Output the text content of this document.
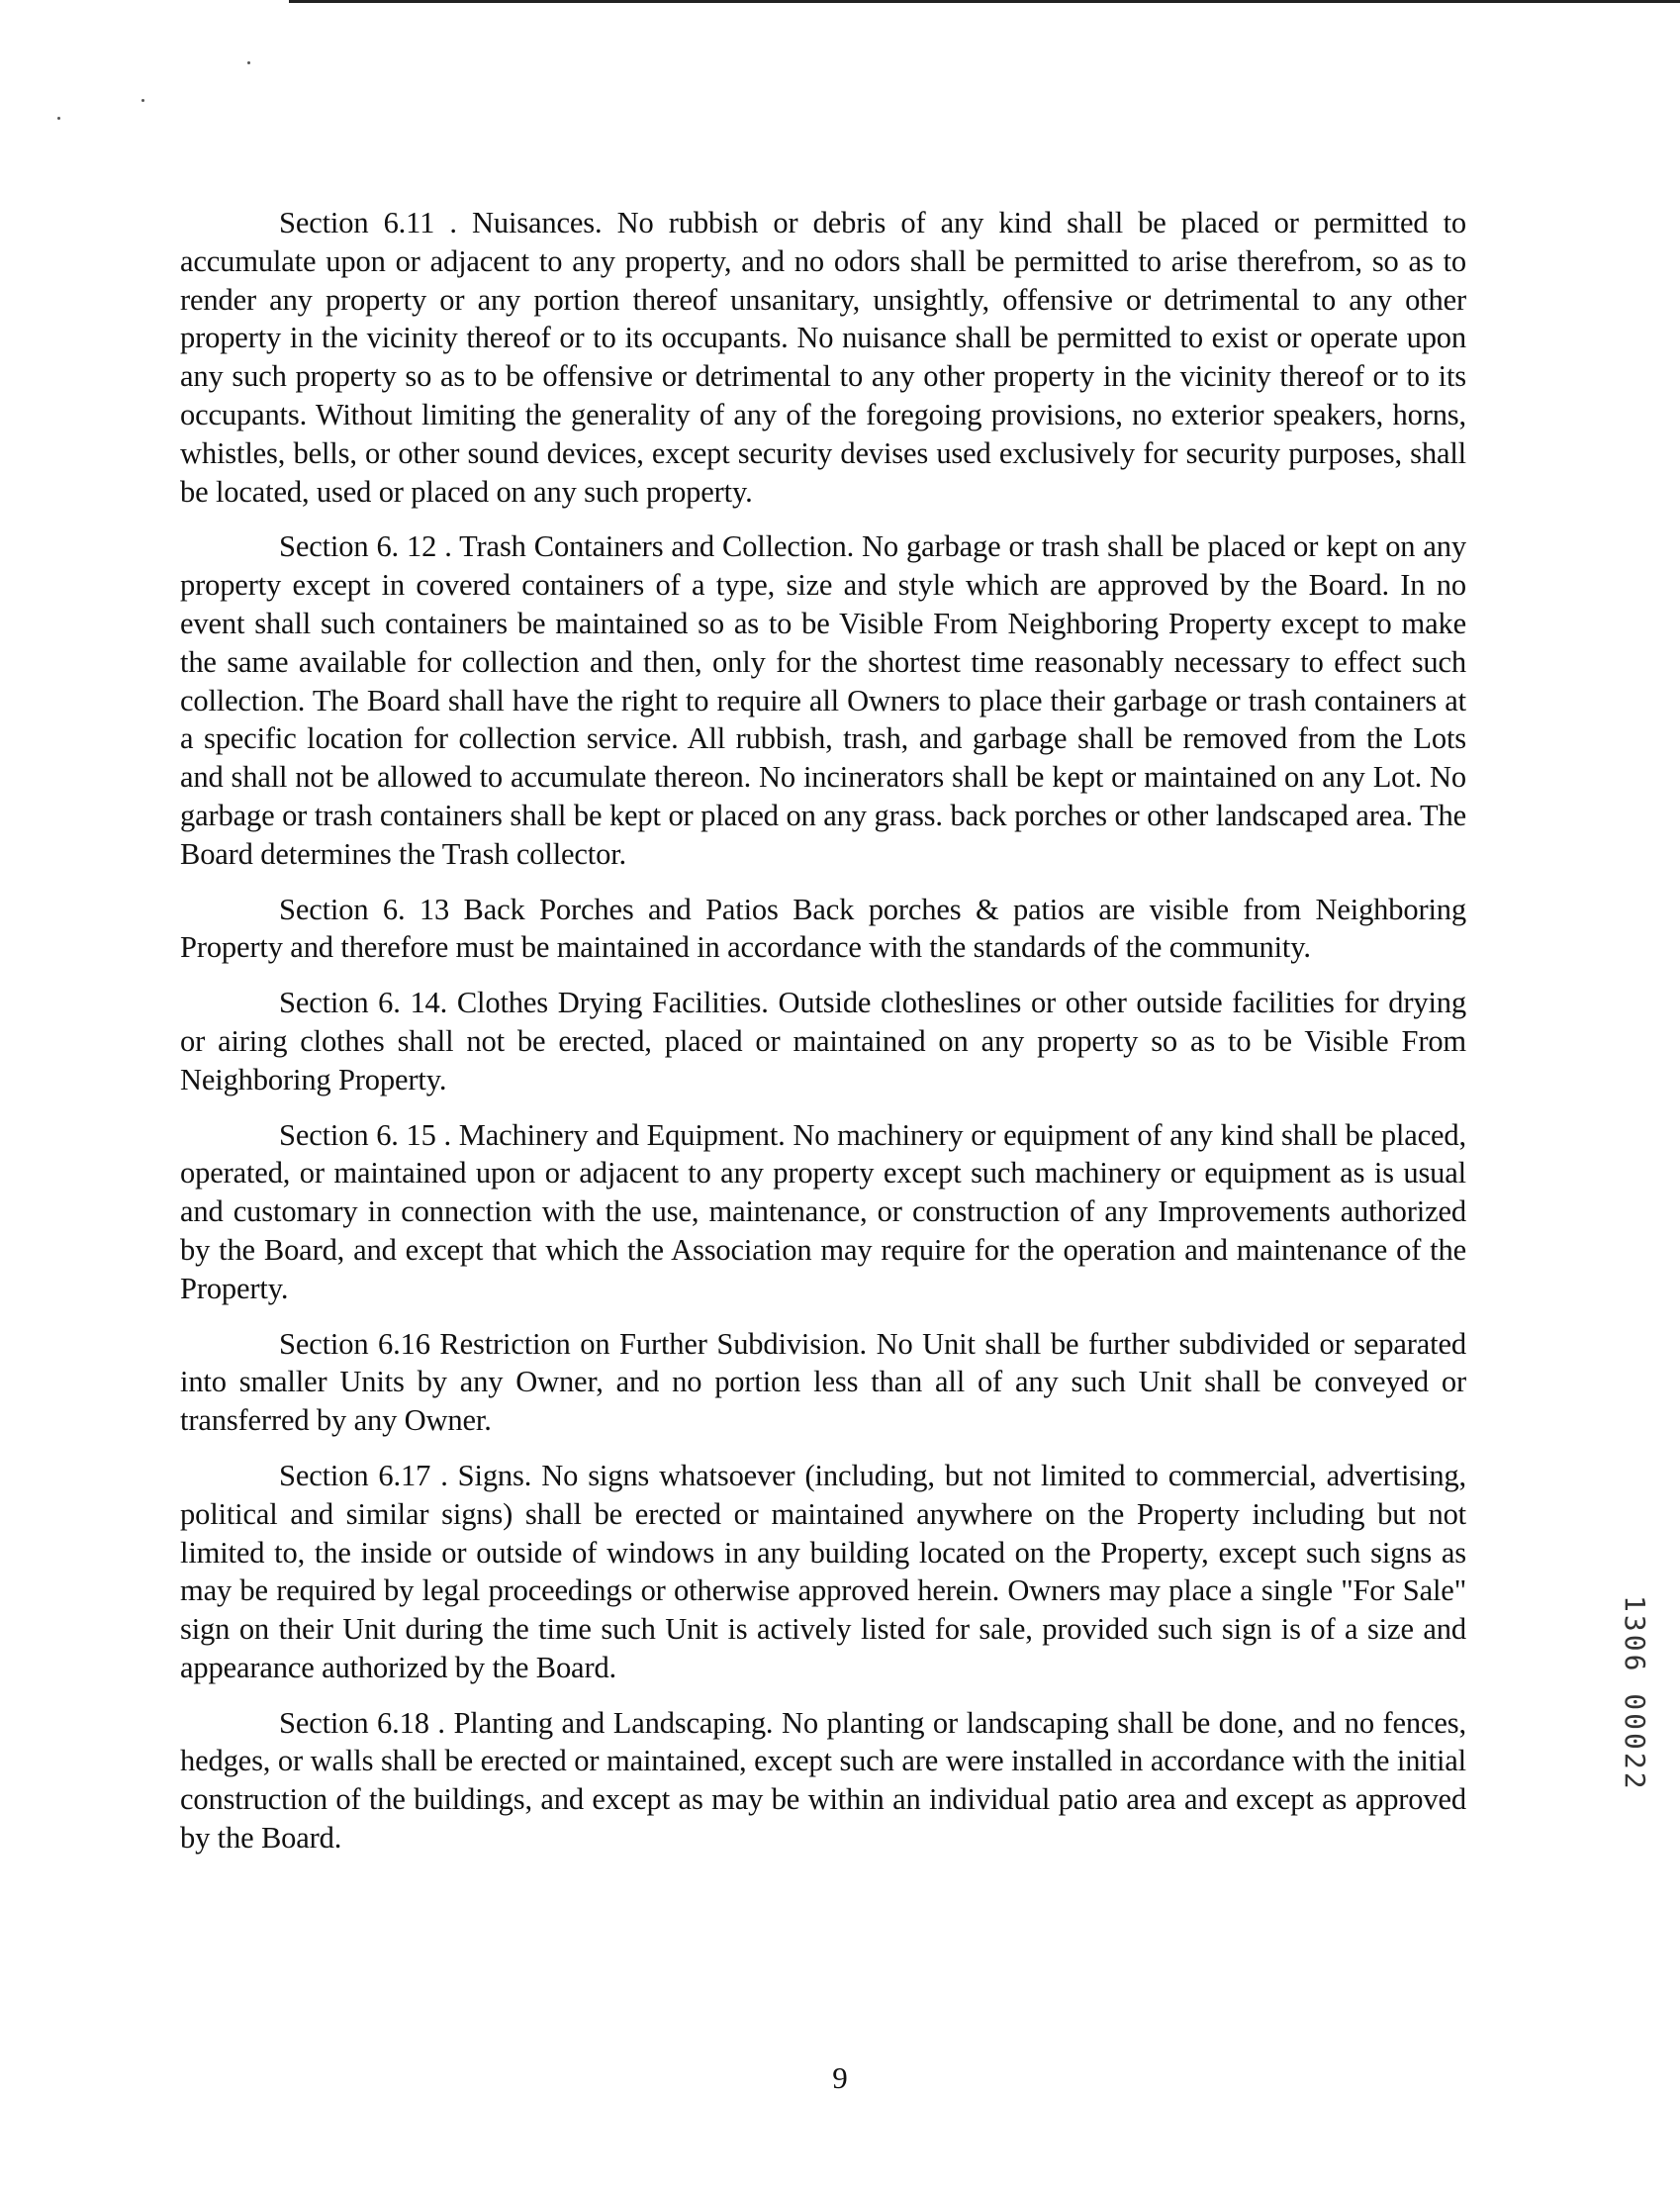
Section 6.11 . Nuisances. No rubbish or debris of any kind shall be placed or permitted to accumulate upon or adjacent to any property, and no odors shall be permitted to arise therefrom, so as to render any property or any portion thereof unsanitary, unsightly, offensive or detrimental to any other property in the vicinity thereof or to its occupants. No nuisance shall be permitted to exist or operate upon any such property so as to be offensive or detrimental to any other property in the vicinity thereof or to its occupants. Without limiting the generality of any of the foregoing provisions, no exterior speakers, horns, whistles, bells, or other sound devices, except security devises used exclusively for security purposes, shall be located, used or placed on any such property.

Section 6. 12 . Trash Containers and Collection. No garbage or trash shall be placed or kept on any property except in covered containers of a type, size and style which are approved by the Board. In no event shall such containers be maintained so as to be Visible From Neighboring Property except to make the same available for collection and then, only for the shortest time reasonably necessary to effect such collection. The Board shall have the right to require all Owners to place their garbage or trash containers at a specific location for collection service. All rubbish, trash, and garbage shall be removed from the Lots and shall not be allowed to accumulate thereon. No incinerators shall be kept or maintained on any Lot. No garbage or trash containers shall be kept or placed on any grass. back porches or other landscaped area. The Board determines the Trash collector.

Section 6. 13 Back Porches and Patios Back porches & patios are visible from Neighboring Property and therefore must be maintained in accordance with the standards of the community.

Section 6. 14. Clothes Drying Facilities. Outside clotheslines or other outside facilities for drying or airing clothes shall not be erected, placed or maintained on any property so as to be Visible From Neighboring Property.

Section 6. 15 . Machinery and Equipment. No machinery or equipment of any kind shall be placed, operated, or maintained upon or adjacent to any property except such machinery or equipment as is usual and customary in connection with the use, maintenance, or construction of any Improvements authorized by the Board, and except that which the Association may require for the operation and maintenance of the Property.

Section 6.16 Restriction on Further Subdivision. No Unit shall be further subdivided or separated into smaller Units by any Owner, and no portion less than all of any such Unit shall be conveyed or transferred by any Owner.

Section 6.17 . Signs. No signs whatsoever (including, but not limited to commercial, advertising, political and similar signs) shall be erected or maintained anywhere on the Property including but not limited to, the inside or outside of windows in any building located on the Property, except such signs as may be required by legal proceedings or otherwise approved herein. Owners may place a single "For Sale" sign on their Unit during the time such Unit is actively listed for sale, provided such sign is of a size and appearance authorized by the Board.

Section 6.18 . Planting and Landscaping. No planting or landscaping shall be done, and no fences, hedges, or walls shall be erected or maintained, except such are were installed in accordance with the initial construction of the buildings, and except as may be within an individual patio area and except as approved by the Board.

1306 00022
9
